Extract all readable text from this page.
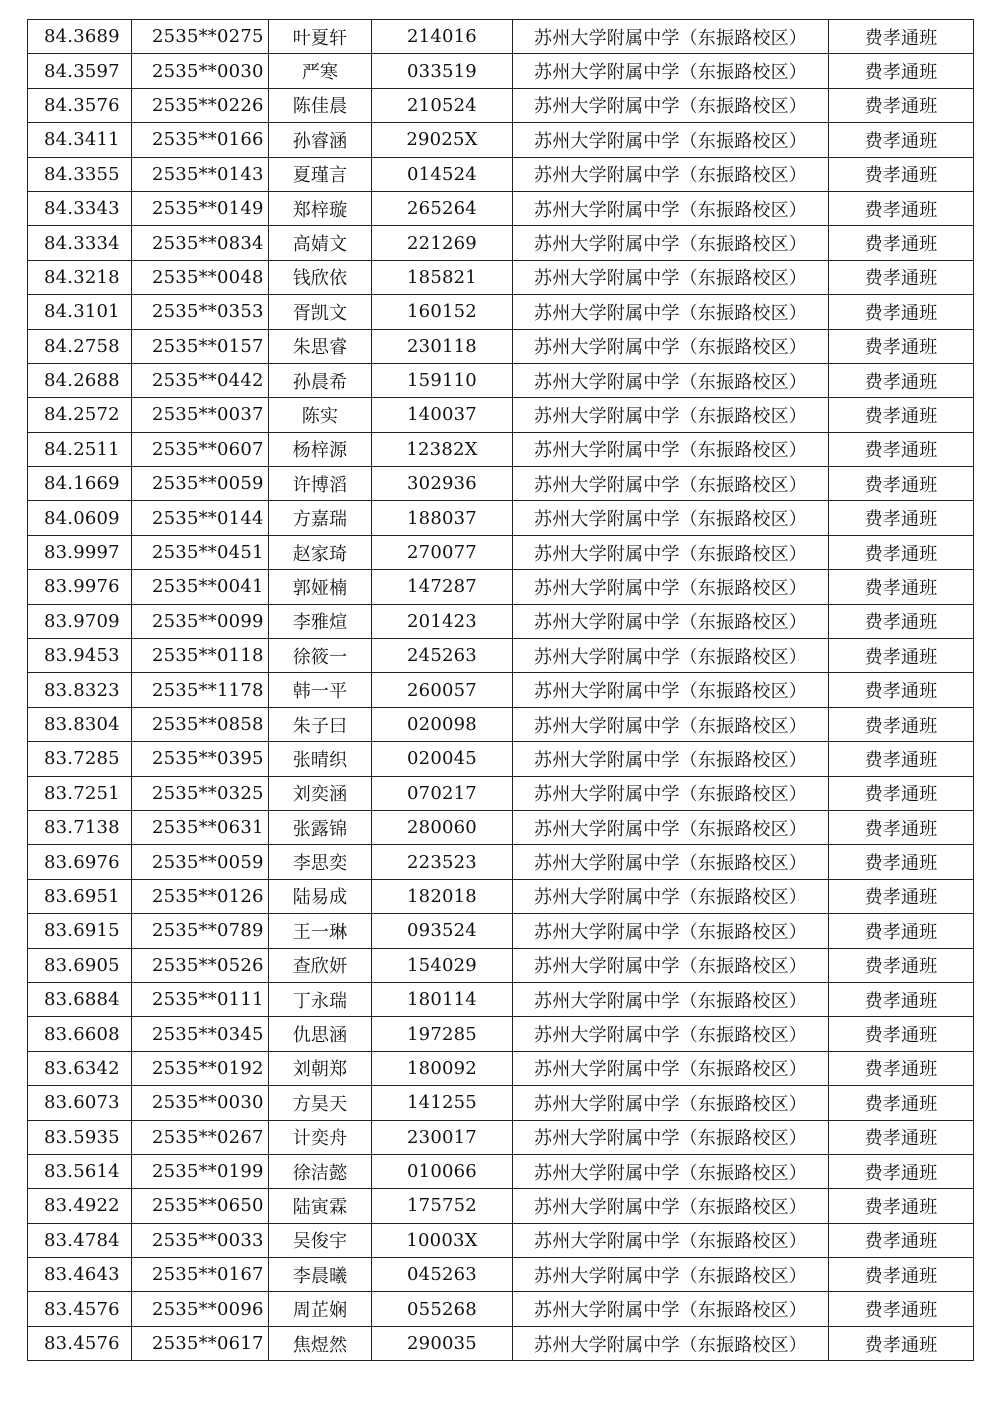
84.3689	2535**0275	叶夏轩	214016	苏州大学附属中学（东振路校区）	费孝通班
84.3597	2535**0030	严寒	033519	苏州大学附属中学（东振路校区）	费孝通班
84.3576	2535**0226	陈佳晨	210524	苏州大学附属中学（东振路校区）	费孝通班
84.3411	2535**0166	孙睿涵	29025X	苏州大学附属中学（东振路校区）	费孝通班
84.3355	2535**0143	夏瑾言	014524	苏州大学附属中学（东振路校区）	费孝通班
84.3343	2535**0149	郑梓璇	265264	苏州大学附属中学（东振路校区）	费孝通班
84.3334	2535**0834	高婧文	221269	苏州大学附属中学（东振路校区）	费孝通班
84.3218	2535**0048	钱欣依	185821	苏州大学附属中学（东振路校区）	费孝通班
84.3101	2535**0353	胥凯文	160152	苏州大学附属中学（东振路校区）	费孝通班
84.2758	2535**0157	朱思睿	230118	苏州大学附属中学（东振路校区）	费孝通班
84.2688	2535**0442	孙晨希	159110	苏州大学附属中学（东振路校区）	费孝通班
84.2572	2535**0037	陈实	140037	苏州大学附属中学（东振路校区）	费孝通班
84.2511	2535**0607	杨梓源	12382X	苏州大学附属中学（东振路校区）	费孝通班
84.1669	2535**0059	许博滔	302936	苏州大学附属中学（东振路校区）	费孝通班
84.0609	2535**0144	方嘉瑞	188037	苏州大学附属中学（东振路校区）	费孝通班
83.9997	2535**0451	赵家琦	270077	苏州大学附属中学（东振路校区）	费孝通班
83.9976	2535**0041	郭娅楠	147287	苏州大学附属中学（东振路校区）	费孝通班
83.9709	2535**0099	李雅煊	201423	苏州大学附属中学（东振路校区）	费孝通班
83.9453	2535**0118	徐筱一	245263	苏州大学附属中学（东振路校区）	费孝通班
83.8323	2535**1178	韩一平	260057	苏州大学附属中学（东振路校区）	费孝通班
83.8304	2535**0858	朱子曰	020098	苏州大学附属中学（东振路校区）	费孝通班
83.7285	2535**0395	张晴织	020045	苏州大学附属中学（东振路校区）	费孝通班
83.7251	2535**0325	刘奕涵	070217	苏州大学附属中学（东振路校区）	费孝通班
83.7138	2535**0631	张露锦	280060	苏州大学附属中学（东振路校区）	费孝通班
83.6976	2535**0059	李思奕	223523	苏州大学附属中学（东振路校区）	费孝通班
83.6951	2535**0126	陆易成	182018	苏州大学附属中学（东振路校区）	费孝通班
83.6915	2535**0789	王一琳	093524	苏州大学附属中学（东振路校区）	费孝通班
83.6905	2535**0526	查欣妍	154029	苏州大学附属中学（东振路校区）	费孝通班
83.6884	2535**0111	丁永瑞	180114	苏州大学附属中学（东振路校区）	费孝通班
83.6608	2535**0345	仇思涵	197285	苏州大学附属中学（东振路校区）	费孝通班
83.6342	2535**0192	刘朝郑	180092	苏州大学附属中学（东振路校区）	费孝通班
83.6073	2535**0030	方昊天	141255	苏州大学附属中学（东振路校区）	费孝通班
83.5935	2535**0267	计奕舟	230017	苏州大学附属中学（东振路校区）	费孝通班
83.5614	2535**0199	徐洁懿	010066	苏州大学附属中学（东振路校区）	费孝通班
83.4922	2535**0650	陆寅霖	175752	苏州大学附属中学（东振路校区）	费孝通班
83.4784	2535**0033	吴俊宇	10003X	苏州大学附属中学（东振路校区）	费孝通班
83.4643	2535**0167	李晨曦	045263	苏州大学附属中学（东振路校区）	费孝通班
83.4576	2535**0096	周芷娴	055268	苏州大学附属中学（东振路校区）	费孝通班
83.4576	2535**0617	焦煜然	290035	苏州大学附属中学（东振路校区）	费孝通班
